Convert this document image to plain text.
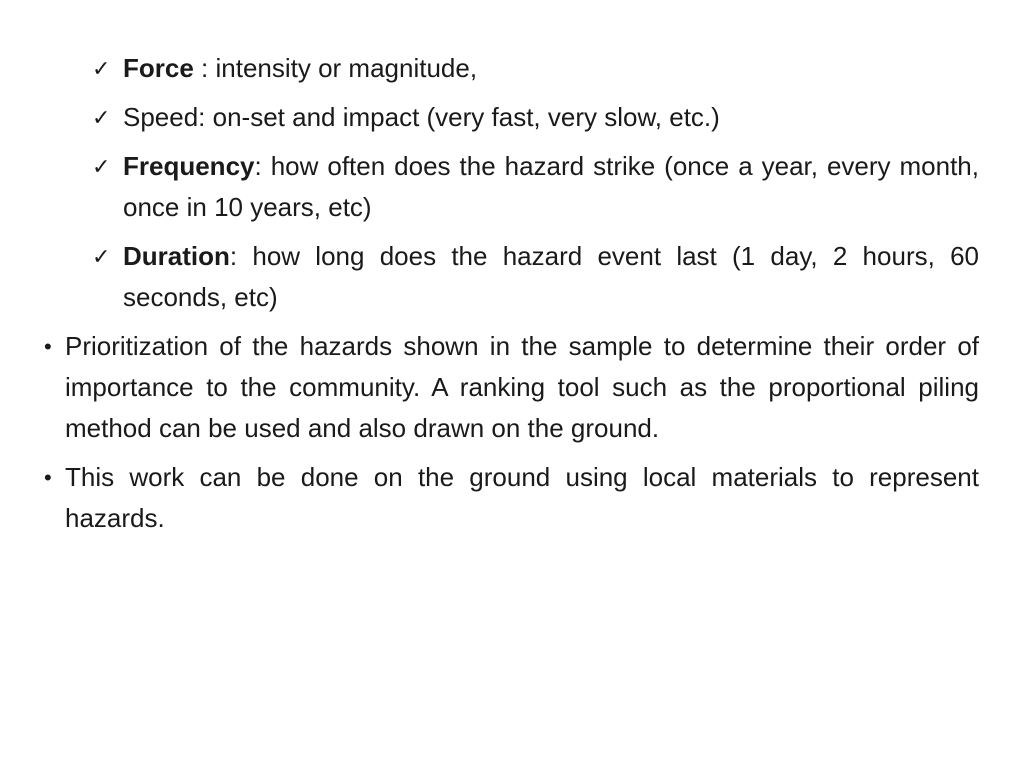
✓ Force : intensity or magnitude,
✓ Speed: on-set and impact (very fast, very slow, etc.)
✓ Frequency: how often does the hazard strike (once a year, every month, once in 10 years, etc)
✓ Duration: how long does the hazard event last (1 day, 2 hours, 60 seconds, etc)
• Prioritization of the hazards shown in the sample to determine their order of importance to the community. A ranking tool such as the proportional piling method can be used and also drawn on the ground.
• This work can be done on the ground using local materials to represent hazards.
